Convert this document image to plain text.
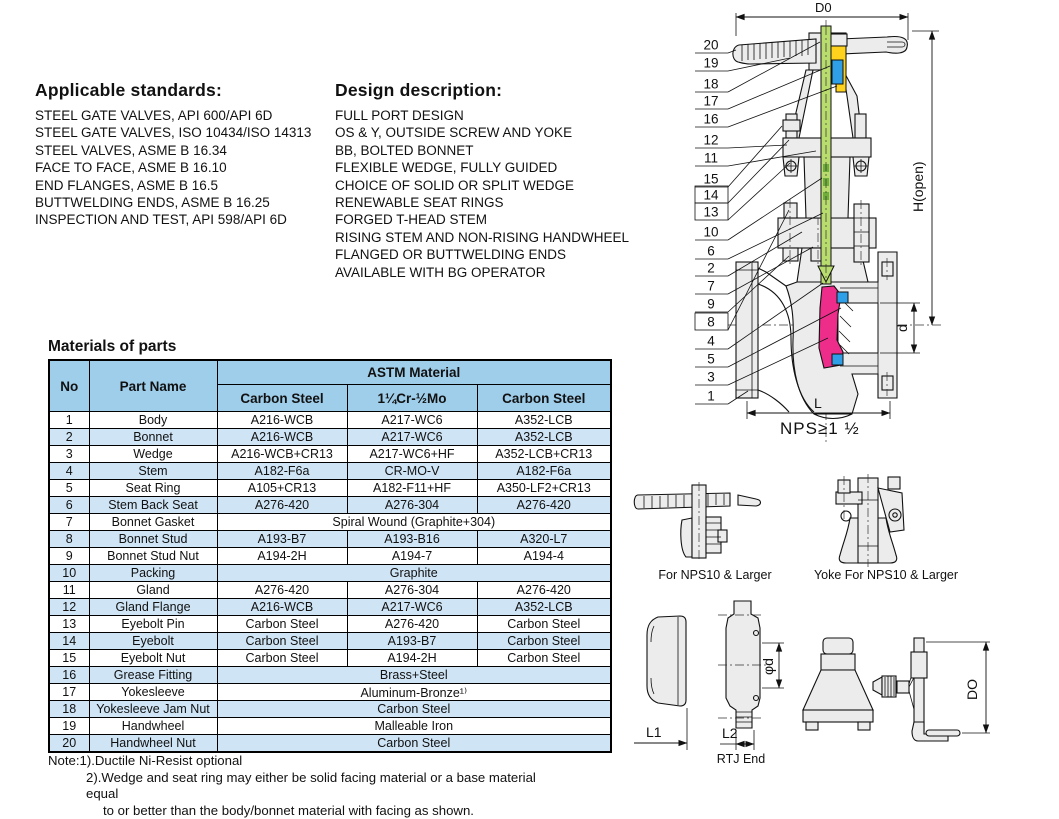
Applicable standards:
STEEL GATE VALVES, API 600/API 6D
STEEL GATE VALVES, ISO 10434/ISO 14313
STEEL VALVES, ASME B 16.34
FACE TO FACE, ASME B 16.10
END FLANGES, ASME B 16.5
BUTTWELDING ENDS, ASME B 16.25
INSPECTION AND TEST, API 598/API 6D
Design description:
FULL PORT DESIGN
OS & Y, OUTSIDE SCREW AND YOKE
BB, BOLTED BONNET
FLEXIBLE WEDGE, FULLY GUIDED
CHOICE OF SOLID OR SPLIT WEDGE
RENEWABLE SEAT RINGS
FORGED T-HEAD STEM
RISING STEM AND NON-RISING HANDWHEEL
FLANGED OR BUTTWELDING ENDS
AVAILABLE WITH BG OPERATOR
Materials of parts
No	Part Name	ASTM Material		
		Carbon Steel	1¼Cr-½Mo	Carbon Steel
1	Body	A216-WCB	A217-WC6	A352-LCB
2	Bonnet	A216-WCB	A217-WC6	A352-LCB
3	Wedge	A216-WCB+CR13	A217-WC6+HF	A352-LCB+CR13
4	Stem	A182-F6a	CR-MO-V	A182-F6a
5	Seat Ring	A105+CR13	A182-F11+HF	A350-LF2+CR13
6	Stem Back Seat	A276-420	A276-304	A276-420
7	Bonnet Gasket	Spiral Wound (Graphite+304)		
8	Bonnet Stud	A193-B7	A193-B16	A320-L7
9	Bonnet Stud Nut	A194-2H	A194-7	A194-4
10	Packing	Graphite		
11	Gland	A276-420	A276-304	A276-420
12	Gland Flange	A216-WCB	A217-WC6	A352-LCB
13	Eyebolt Pin	Carbon Steel	A276-420	Carbon Steel
14	Eyebolt	Carbon Steel	A193-B7	Carbon Steel
15	Eyebolt Nut	Carbon Steel	A194-2H	Carbon Steel
16	Grease Fitting	Brass+Steel		
17	Yokesleeve	Aluminum-Bronze¹⁾		
18	Yokesleeve Jam Nut	Carbon Steel		
19	Handwheel	Malleable Iron		
20	Handwheel Nut	Carbon Steel		
Note:1).Ductile Ni-Resist optional
2).Wedge and seat ring may either be solid facing material or a base material equal
to or better than the body/bonnet material with facing as shown.
D0
H(open)
d
L
20
19
18
17
16
12
11
15
14
13
10
6
2
7
9
8
4
5
3
1
NPS≥1 ½
For NPS10 & Larger	Yoke For NPS10 & Larger
L1
φd
L2
RTJ End
DO
